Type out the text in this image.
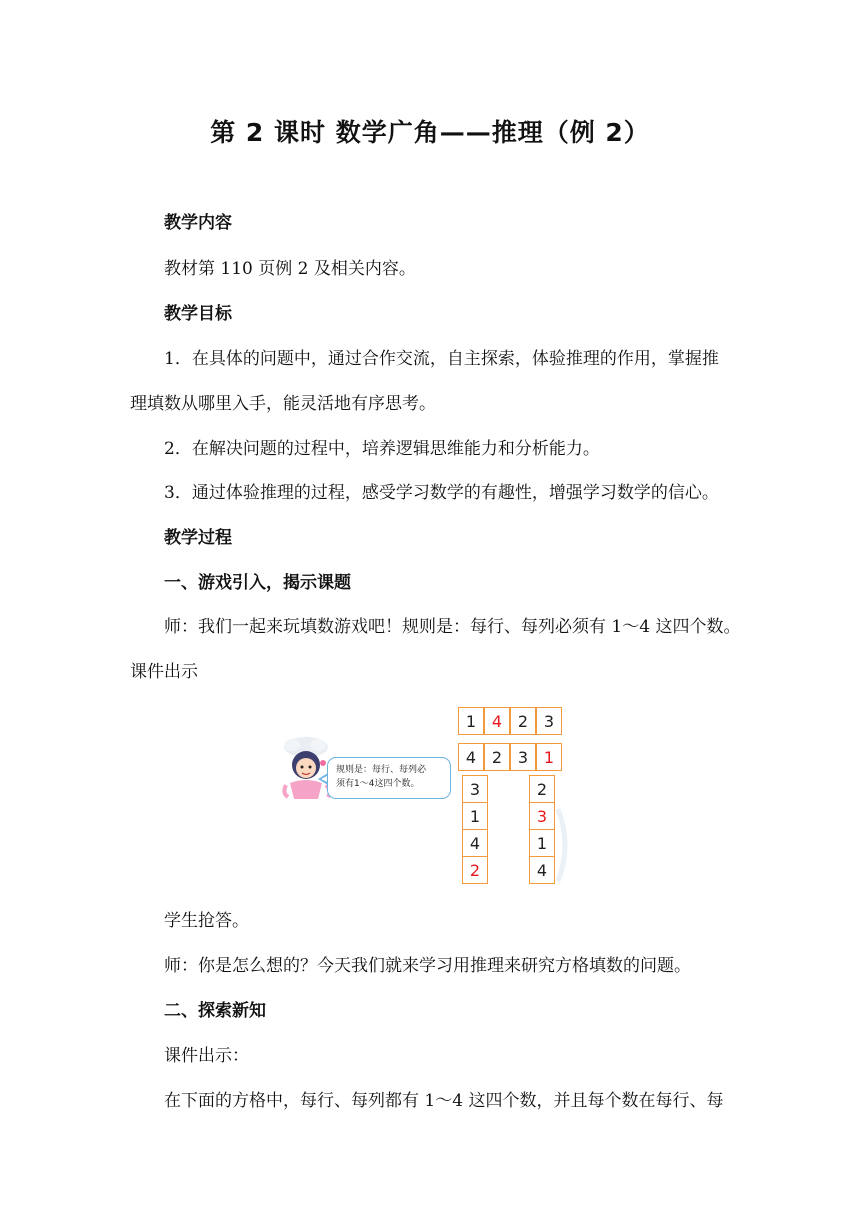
第 2 课时 数学广角——推理（例 2）
教学内容
教材第 110 页例 2 及相关内容。
教学目标
1．在具体的问题中，通过合作交流，自主探索，体验推理的作用，掌握推
理填数从哪里入手，能灵活地有序思考。
2．在解决问题的过程中，培养逻辑思维能力和分析能力。
3．通过体验推理的过程，感受学习数学的有趣性，增强学习数学的信心。
教学过程
一、游戏引入，揭示课题
师：我们一起来玩填数游戏吧！规则是：每行、每列必须有 1～4 这四个数。
课件出示
规则是：每行、每列必
须有1～4这四个数。
1 4 2 3
4 2 3 1
3
1
4
2
2
3
1
4
学生抢答。
师：你是怎么想的？今天我们就来学习用推理来研究方格填数的问题。
二、探索新知
课件出示：
在下面的方格中，每行、每列都有 1～4 这四个数，并且每个数在每行、每
